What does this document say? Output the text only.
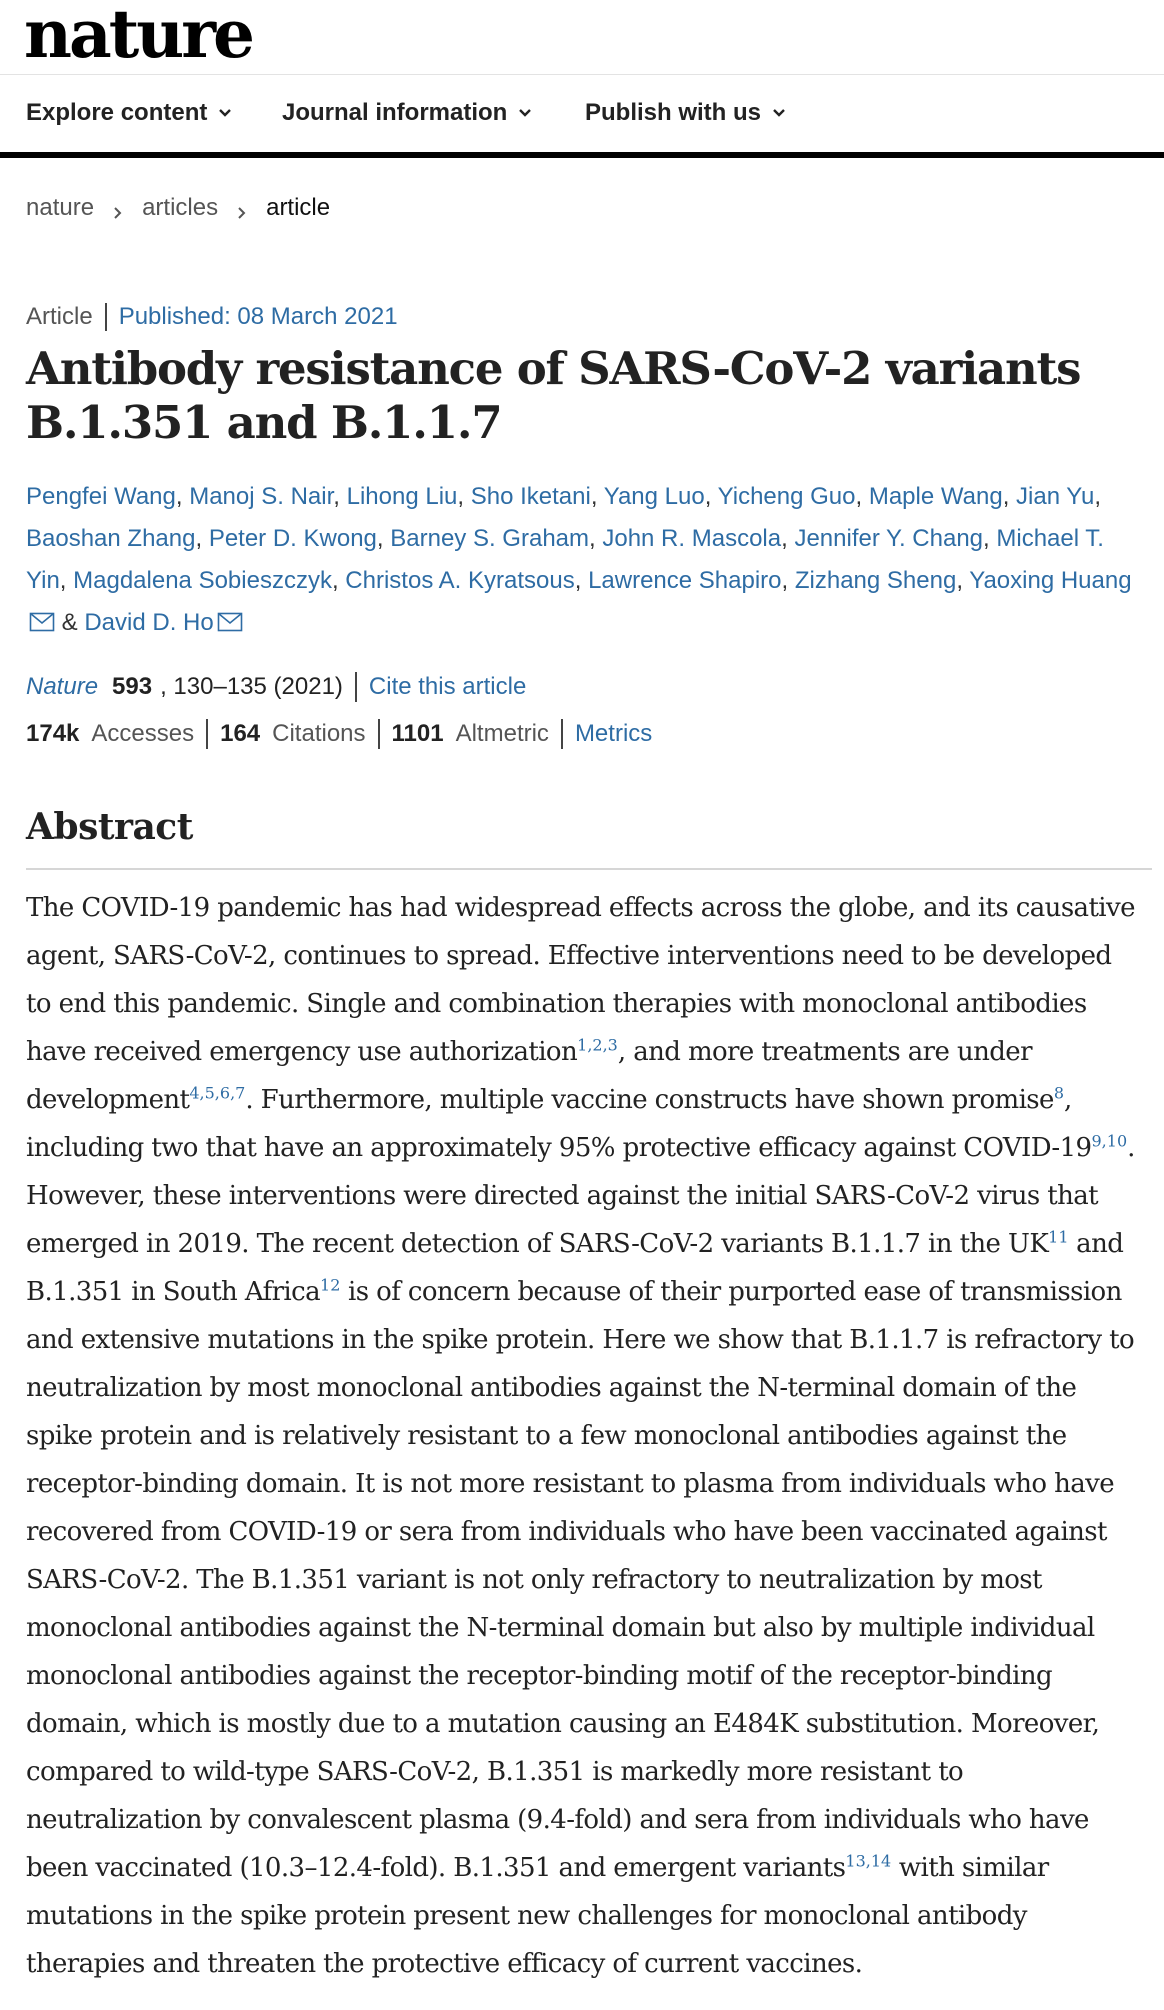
nature
Explore content	Journal information	Publish with us
nature articles article
Article Published: 08 March 2021
Antibody resistance of SARS-CoV-2 variants B.1.351 and B.1.1.7
Pengfei Wang, Manoj S. Nair, Lihong Liu, Sho Iketani, Yang Luo, Yicheng Guo, Maple Wang, Jian Yu, Baoshan Zhang, Peter D. Kwong, Barney S. Graham, John R. Mascola, Jennifer Y. Chang, Michael T. Yin, Magdalena Sobieszczyk, Christos A. Kyratsous, Lawrence Shapiro, Zizhang Sheng, Yaoxing Huang & David D. Ho
Nature 593 , 130–135 (2021) Cite this article
174k Accesses 164 Citations 1101 Altmetric Metrics
Abstract

The COVID-19 pandemic has had widespread effects across the globe, and its causative agent, SARS-CoV-2, continues to spread. Effective interventions need to be developed to end this pandemic. Single and combination therapies with monoclonal antibodies have received emergency use authorization$^{1,2,3}$, and more treatments are under development$^{4,5,6,7}$. Furthermore, multiple vaccine constructs have shown promise$^8$, including two that have an approximately 95% protective efficacy against COVID-19$^{9,10}$. However, these interventions were directed against the initial SARS-CoV-2 virus that emerged in 2019. The recent detection of SARS-CoV-2 variants B.1.1.7 in the UK$^{11}$ and B.1.351 in South Africa$^{12}$ is of concern because of their purported ease of transmission and extensive mutations in the spike protein. Here we show that B.1.1.7 is refractory to neutralization by most monoclonal antibodies against the N-terminal domain of the spike protein and is relatively resistant to a few monoclonal antibodies against the receptor-binding domain. It is not more resistant to plasma from individuals who have recovered from COVID-19 or sera from individuals who have been vaccinated against SARS-CoV-2. The B.1.351 variant is not only refractory to neutralization by most monoclonal antibodies against the N-terminal domain but also by multiple individual monoclonal antibodies against the receptor-binding motif of the receptor-binding domain, which is mostly due to a mutation causing an E484K substitution. Moreover, compared to wild-type SARS-CoV-2, B.1.351 is markedly more resistant to neutralization by convalescent plasma (9.4-fold) and sera from individuals who have been vaccinated (10.3–12.4-fold). B.1.351 and emergent variants$^{13,14}$ with similar mutations in the spike protein present new challenges for monoclonal antibody therapies and threaten the protective efficacy of current vaccines.
